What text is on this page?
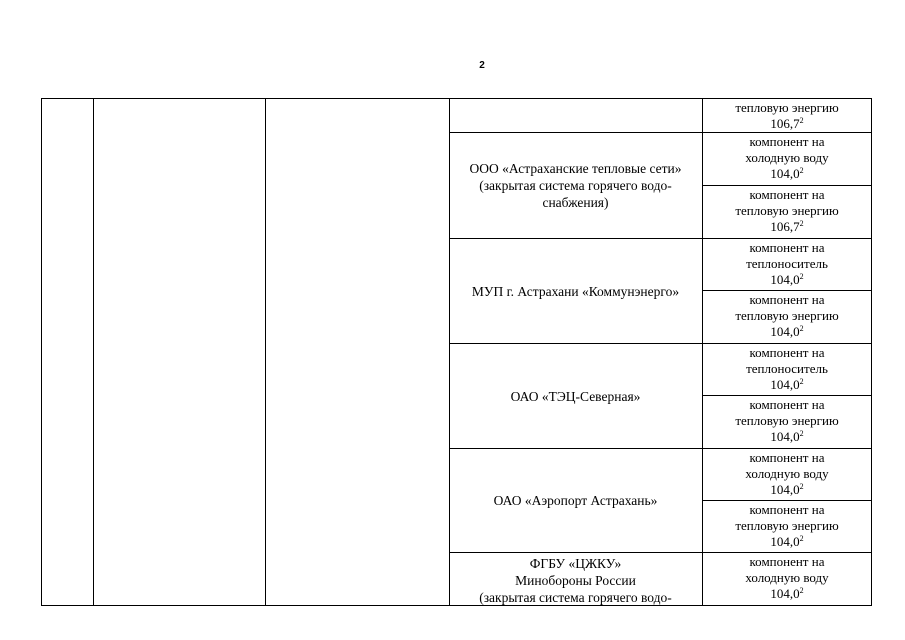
2
тепловую энергию
106,7$^2$
ООО «Астраханские тепловые сети»
(закрытая система горячего водо-
снабжения)
компонент на
холодную воду
104,0$^2$
компонент на
тепловую энергию
106,7$^2$
МУП г. Астрахани «Коммунэнерго»
компонент на
теплоноситель
104,0$^2$
компонент на
тепловую энергию
104,0$^2$
ОАО «ТЭЦ-Северная»
компонент на
теплоноситель
104,0$^2$
компонент на
тепловую энергию
104,0$^2$
ОАО «Аэропорт Астрахань»
компонент на
холодную воду
104,0$^2$
компонент на
тепловую энергию
104,0$^2$
ФГБУ «ЦЖКУ»
Минобороны России
(закрытая система горячего водо-
компонент на
холодную воду
104,0$^2$
